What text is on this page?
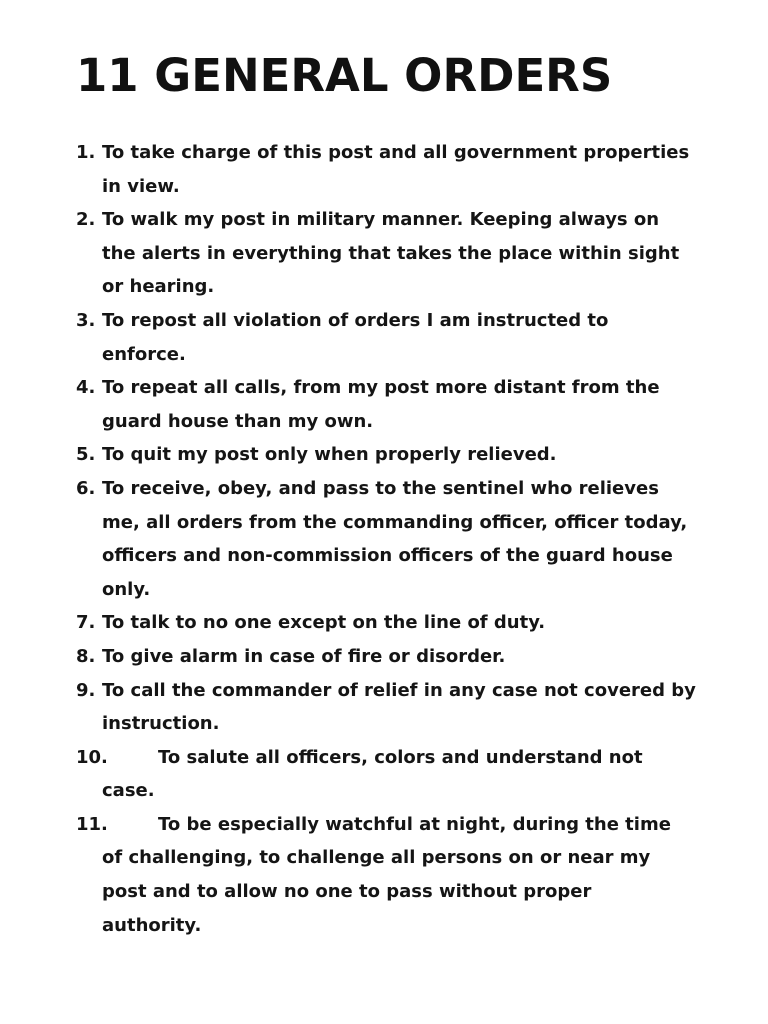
11 GENERAL ORDERS
1. To take charge of this post and all government properties in view.
2. To walk my post in military manner. Keeping always on the alerts in everything that takes the place within sight or hearing.
3. To repost all violation of orders I am instructed to enforce.
4. To repeat all calls, from my post more distant from the guard house than my own.
5. To quit my post only when properly relieved.
6. To receive, obey, and pass to the sentinel who relieves me, all orders from the commanding officer, officer today, officers and non-commission officers of the guard house only.
7. To talk to no one except on the line of duty.
8. To give alarm in case of fire or disorder.
9. To call the commander of relief in any case not covered by instruction.
10.	To salute all officers, colors and understand not case.
11.	To be especially watchful at night, during the time of challenging, to challenge all persons on or near my post and to allow no one to pass without proper authority.
